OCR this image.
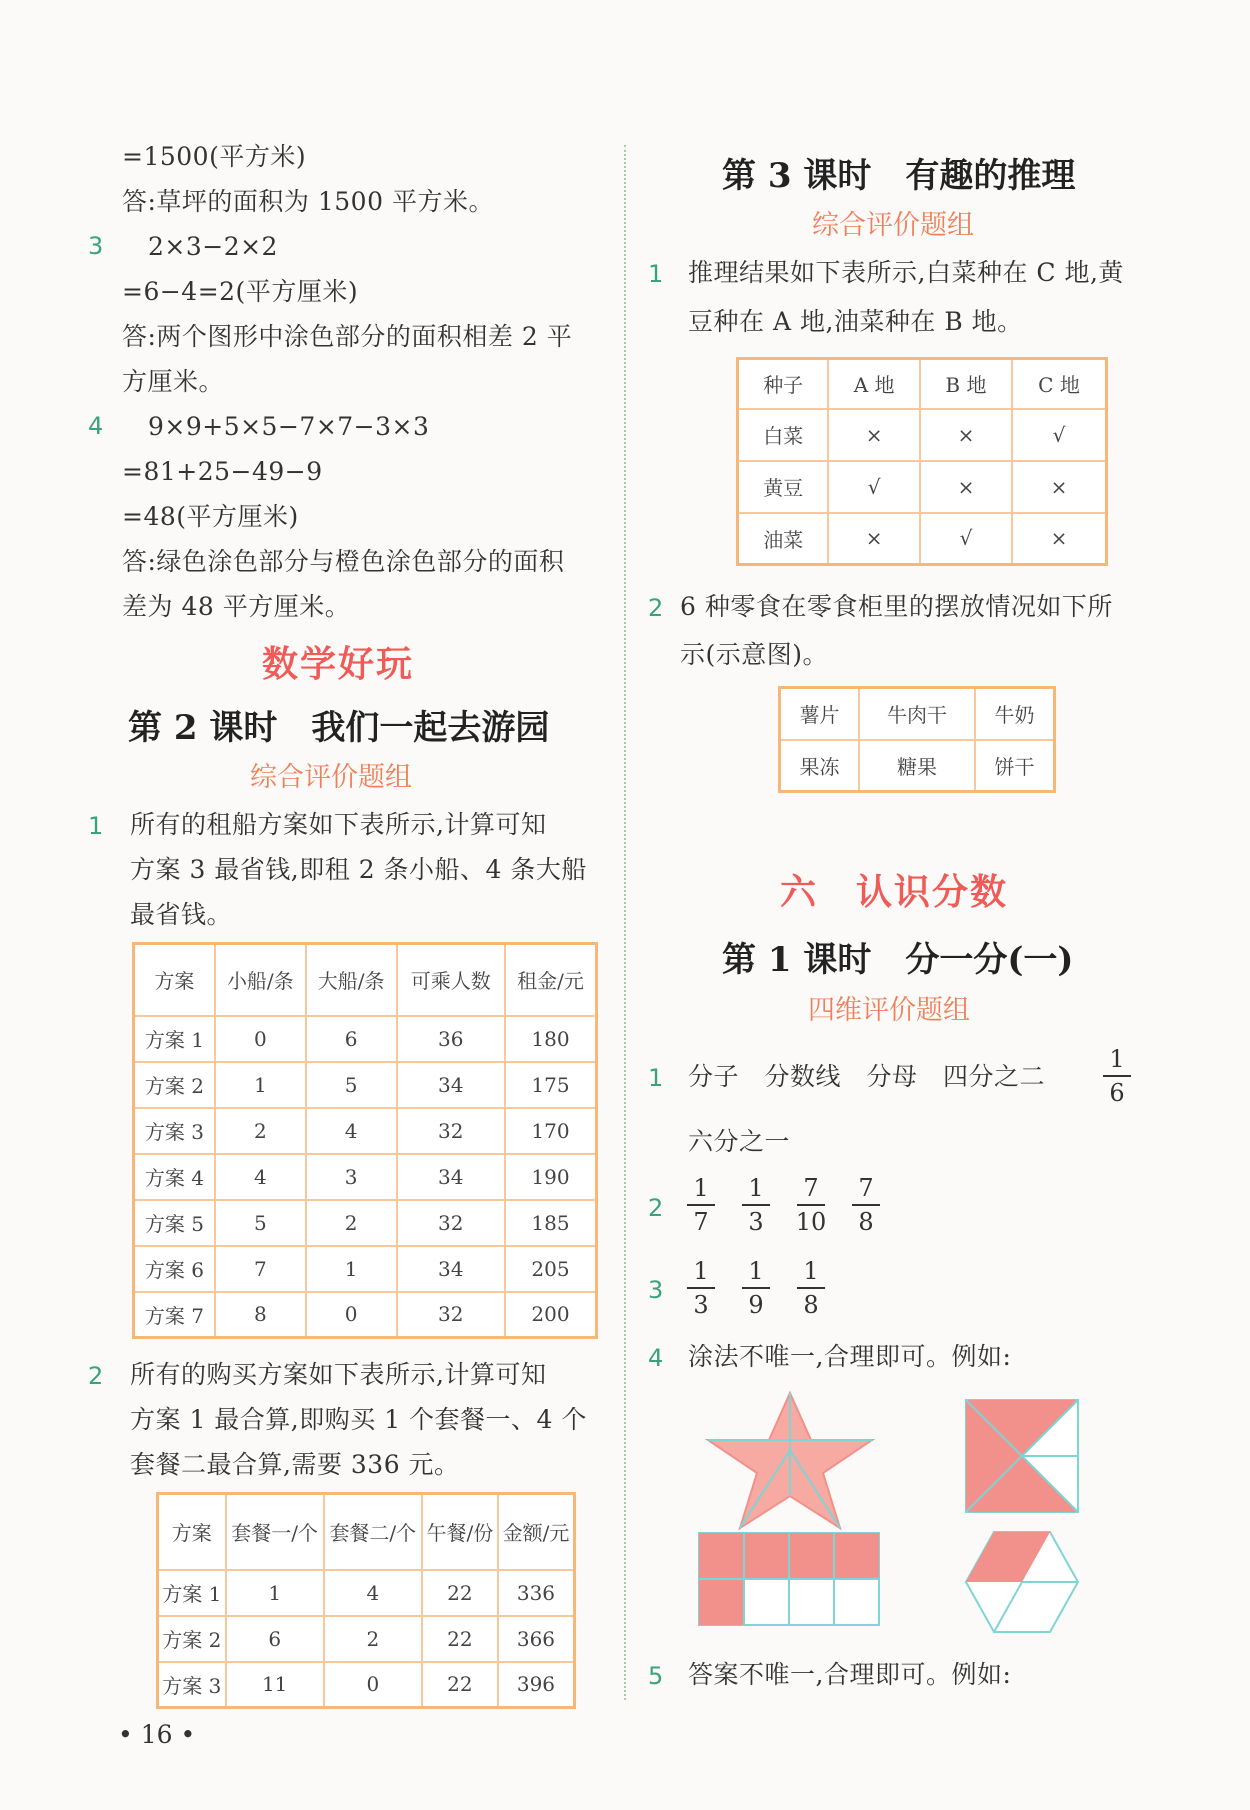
=1500(平方米)
答:草坪的面积为 1500 平方米。
3 2×3−2×2
=6−4=2(平方厘米)
答:两个图形中涂色部分的面积相差 2 平
方厘米。
4 9×9+5×5−7×7−3×3
=81+25−49−9
=48(平方厘米)
答:绿色涂色部分与橙色涂色部分的面积
差为 48 平方厘米。
数学好玩
第 2 课时　我们一起去游园
综合评价题组
1 所有的租船方案如下表所示,计算可知
方案 3 最省钱,即租 2 条小船、4 条大船
最省钱。
方案	小船/条	大船/条	可乘人数	租金/元
方案 1	0	6	36	180
方案 2	1	5	34	175
方案 3	2	4	32	170
方案 4	4	3	34	190
方案 5	5	2	32	185
方案 6	7	1	34	205
方案 7	8	0	32	200
2 所有的购买方案如下表所示,计算可知
方案 1 最合算,即购买 1 个套餐一、4 个
套餐二最合算,需要 336 元。
方案	套餐一/个	套餐二/个	午餐/份	金额/元
方案 1	1	4	22	336
方案 2	6	2	22	366
方案 3	11	0	22	396
• 16 •
第 3 课时　有趣的推理
综合评价题组
1 推理结果如下表所示,白菜种在 C 地,黄
豆种在 A 地,油菜种在 B 地。
种子	A 地	B 地	C 地
白菜	×	×	√
黄豆	√	×	×
油菜	×	√	×
2 6 种零食在零食柜里的摆放情况如下所
示(示意图)。
薯片	牛肉干	牛奶
果冻	糖果	饼干
六　认识分数
第 1 课时　分一分(一)
四维评价题组
1 分子　分数线　分母　四分之二
1
6
六分之一
2
1
7
1
3
7
10
7
8
3
1
3
1
9
1
8
4 涂法不唯一,合理即可。例如:
5 答案不唯一,合理即可。例如:
